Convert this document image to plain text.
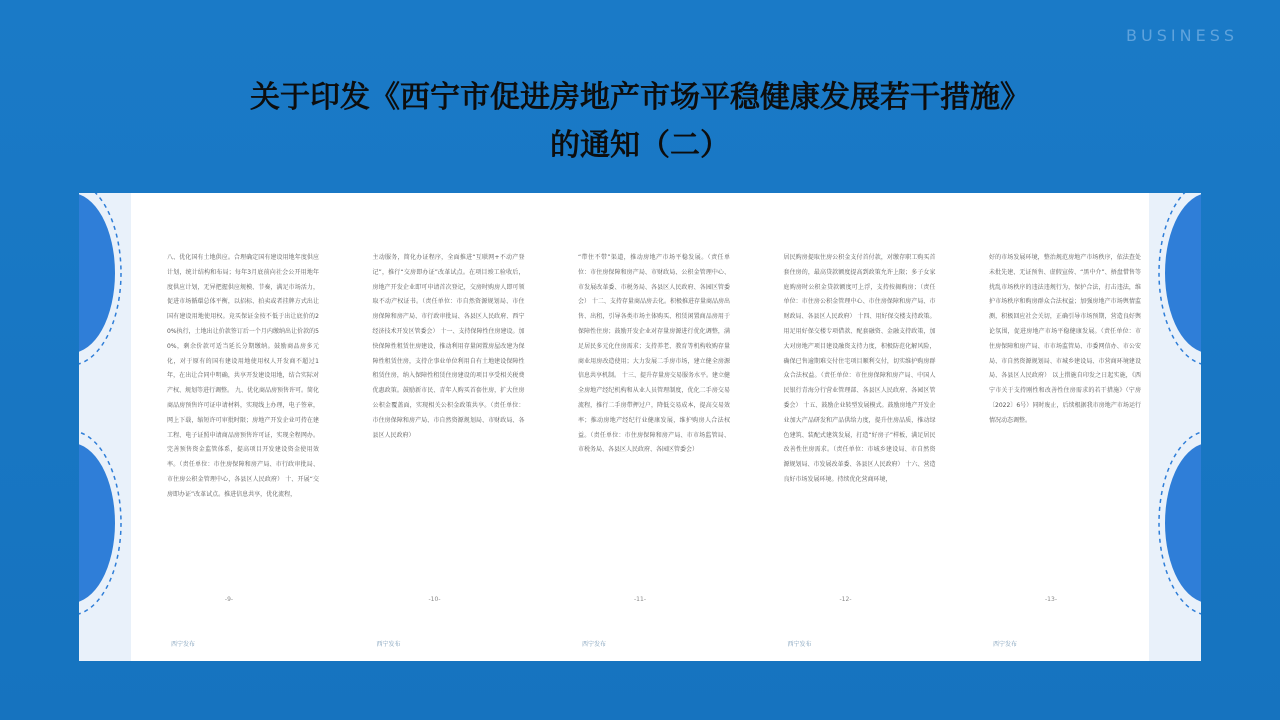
BUSINESS
关于印发《西宁市促进房地产市场平稳健康发展若干措施》
的通知（二）
八、优化国有土地供应。合理确定国有建设用地年度供应计划，统计结构和布局；每年3月底前向社会公开用地年度供应计划，无异把握供应规模、节奏，满足市场活力，促进市场循環总体平衡，以招标、拍卖或者挂牌方式出让国有建设用地使用权。竟买保证金按不低于出让底价的20%执行，土地出让价款签订后一个月内缴纳出让价款的50%，剩余价款可适当延长分期缴纳。鼓励商品房多元化，对于原有的国有建设用地使用权人开发商不超过1年，在出让合同中明确，共享开发建设用地，结合实际对产权、规划等进行调整。 九、优化商品房预售许可。简化商品房预售许可证申请材料，实现线上办理，电子签章，网上下载，缩短许可审批时限；房地产开发企业可持在建工程、电子证照申请商品房预售许可证，实现全程网办。完善预售资金监管体系，提高项目开发建设资金使用效率。（责任单位：市住房保障和房产局、市行政审批局、市住房公积金管理中心，各县区人民政府） 十、开展“交房即办证”改革试点。推进信息共享，优化流程，
-9-
西宁发布
主动服务，简化办证程序，全面推进“互联网+不动产登记”，推行“交房即办证”改革试点。在项目竣工验收后，房地产开发企业即可申请首次登记，交房时购房人即可领取不动产权证书。（责任单位：市自然资源规划局、市住房保障和房产局、市行政审批局、各县区人民政府、西宁经济技术开发区管委会） 十一、支持保障性住房建设。加快保障性租赁住房建设，推动利用存量闲置房屋改建为保障性租赁住房，支持企事业单位利用自有土地建设保障性租赁住房，纳入保障性租赁住房建设的项目享受相关税费优惠政策。鼓励新市民、青年人购买首套住房，扩大住房公积金覆盖面，实现相关公积金政策共享。（责任单位：市住房保障和房产局、市自然资源规划局、市财政局、各县区人民政府）
-10-
西宁发布
“带住不带”渠道，推动房地产市场平稳发展。（责任单位：市住房保障和房产局、市财政局、公积金管理中心、市发展改革委、市税务局、各县区人民政府、各园区管委会） 十二、支持存量商品房去化。积极推进存量商品房出售、出租，引导各类市场主体购买、租赁闲置商品房用于保障性住房；鼓励开发企业对存量房源进行优化调整，满足居民多元化住房需求；支持养老、教育等机构收购存量商业用房改造使用；大力发展二手房市场，建立健全房源信息共享机制。 十三、提升存量房交易服务水平。建立健全房地产经纪机构和从业人员管理制度，优化二手房交易流程，推行二手房带押过户，降低交易成本，提高交易效率；推动房地产经纪行业健康发展，维护购房人合法权益。（责任单位：市住房保障和房产局、市市场监管局、市税务局、各县区人民政府、各园区管委会）
-11-
西宁发布
居民购房提取住房公积金支付首付款，对缴存职工购买首套住房的，最高贷款额度提高到政策允许上限；多子女家庭购房时公积金贷款额度可上浮，支持按揭购房；（责任单位：市住房公积金管理中心、市住房保障和房产局、市财政局、各县区人民政府） 十四、用好保交楼支持政策。用足用好保交楼专项借款、配套融资、金融支持政策，加大对房地产项目建设融资支持力度，积极防范化解风险，确保已售逾期难交付住宅项目顺利交付，切实维护购房群众合法权益。（责任单位：市住房保障和房产局、中国人民银行青海分行营业管理部、各县区人民政府、各园区管委会） 十五、鼓励企业转型发展模式。鼓励房地产开发企业加大产品研发和产品供给力度，提升住房品质，推动绿色建筑、装配式建筑发展，打造“好房子”样板，满足居民改善性住房需求。（责任单位：市城乡建设局、市自然资源规划局、市发展改革委、各县区人民政府） 十六、营造良好市场发展环境。持续优化营商环境，
-12-
西宁发布
好的市场发展环境，整治规范房地产市场秩序，依法查处未批先建、无证预售、虚假宣传、“黑中介”、捂盘惜售等扰乱市场秩序的违法违规行为，保护合法，打击违法，维护市场秩序和购房群众合法权益；加强房地产市场舆情监测，积极回应社会关切，正确引导市场预期，营造良好舆论氛围，促进房地产市场平稳健康发展。（责任单位：市住房保障和房产局、市市场监管局、市委网信办、市公安局、市自然资源规划局、市城乡建设局、市营商环境建设局、各县区人民政府） 以上措施自印发之日起实施，《西宁市关于支持刚性和改善性住房需求的若干措施》（宁房〔2022〕6号）同时废止，后续根据我市房地产市场运行情况动态调整。
-13-
西宁发布
